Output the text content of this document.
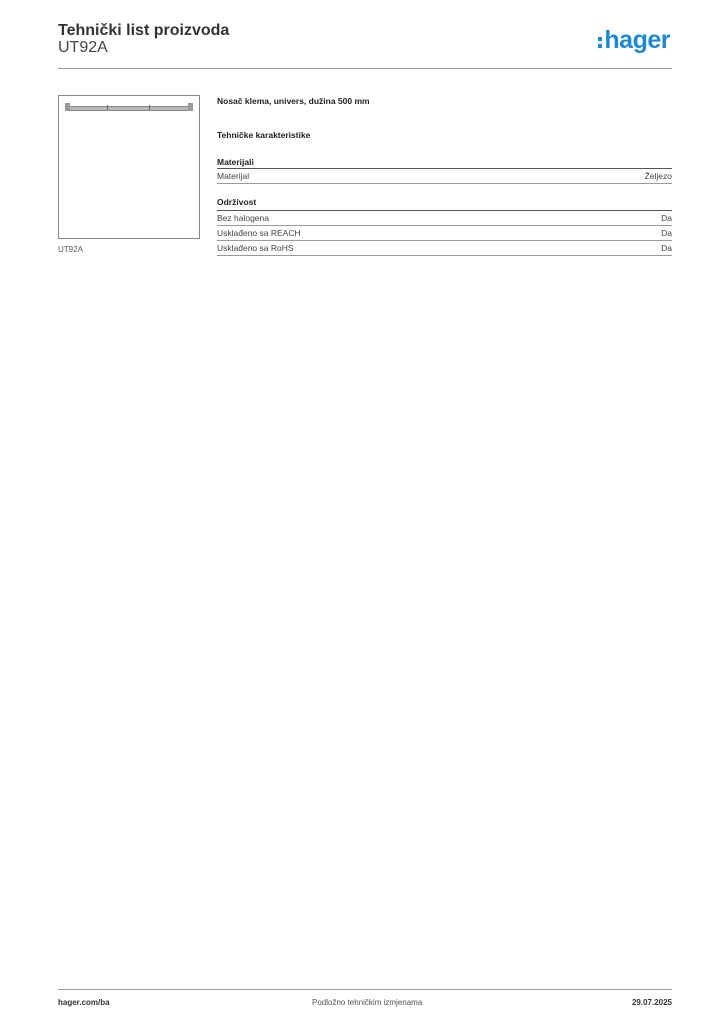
Tehnički list proizvoda
UT92A	hager
UT92A
Nosač klema, univers, dužina 500 mm
Tehničke karakteristike
Materijali
Materijal	Željezo
Održivost
Bez halogena	Da
Usklađeno sa REACH	Da
Usklađeno sa RoHS	Da
hager.com/ba	Podložno tehničkim izmjenama	29.07.2025
